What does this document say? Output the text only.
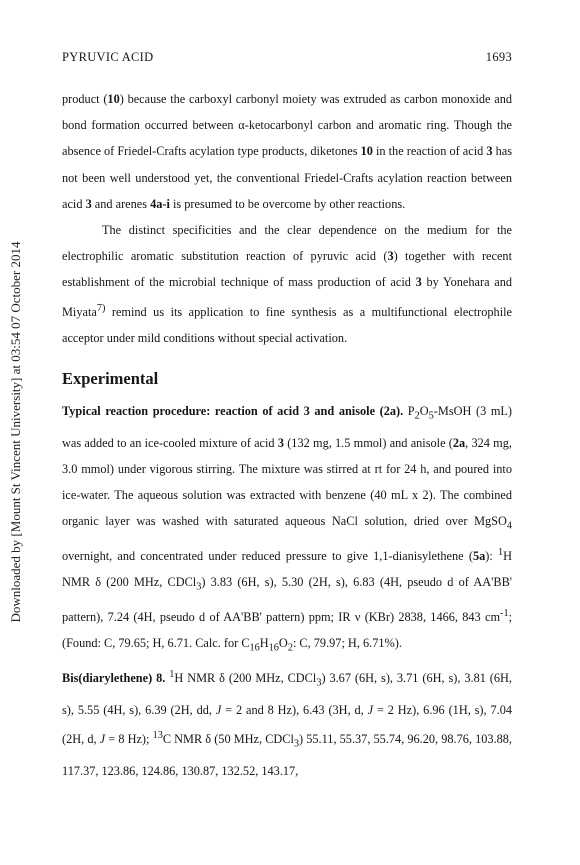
Downloaded by [Mount St Vincent University] at 03:54 07 October 2014
PYRUVIC ACID	1693

product (10) because the carboxyl carbonyl moiety was extruded as carbon monoxide and bond formation occurred between α-ketocarbonyl carbon and aromatic ring. Though the absence of Friedel-Crafts acylation type products, diketones 10 in the reaction of acid 3 has not been well understood yet, the conventional Friedel-Crafts acylation reaction between acid 3 and arenes 4a-i is presumed to be overcome by other reactions.

The distinct specificities and the clear dependence on the medium for the electrophilic aromatic substitution reaction of pyruvic acid (3) together with recent establishment of the microbial technique of mass production of acid 3 by Yonehara and Miyata$^{7)}$ remind us its application to fine synthesis as a multifunctional electrophile acceptor under mild conditions without special activation.

Experimental

Typical reaction procedure: reaction of acid 3 and anisole (2a). $P_2O_5$-MsOH (3 mL) was added to an ice-cooled mixture of acid 3 (132 mg, 1.5 mmol) and anisole (2a, 324 mg, 3.0 mmol) under vigorous stirring. The mixture was stirred at rt for 24 h, and poured into ice-water. The aqueous solution was extracted with benzene (40 mL x 2). The combined organic layer was washed with saturated aqueous NaCl solution, dried over MgSO$_4$ overnight, and concentrated under reduced pressure to give 1,1-dianisylethene (5a): $^1$H NMR δ (200 MHz, CDCl$_3$) 3.83 (6H, s), 5.30 (2H, s), 6.83 (4H, pseudo d of AA'BB' pattern), 7.24 (4H, pseudo d of AA'BB' pattern) ppm; IR ν (KBr) 2838, 1466, 843 $cm^{-1}$; (Found: C, 79.65; H, 6.71. Calc. for $C_{16}H_{16}O_2$: C, 79.97; H, 6.71%).

Bis(diarylethene) 8. $^1$H NMR δ (200 MHz, CDCl$_3$) 3.67 (6H, s), 3.71 (6H, s), 3.81 (6H, s), 5.55 (4H, s), 6.39 (2H, dd, J = 2 and 8 Hz), 6.43 (3H, d, J = 2 Hz), 6.96 (1H, s), 7.04 (2H, d, J = 8 Hz); $^{13}$C NMR δ (50 MHz, CDCl$_3$) 55.11, 55.37, 55.74, 96.20, 98.76, 103.88, 117.37, 123.86, 124.86, 130.87, 132.52, 143.17,
